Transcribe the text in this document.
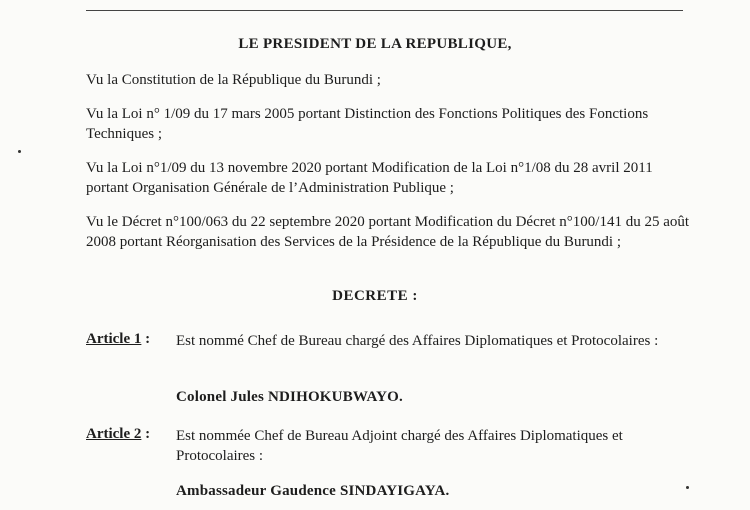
LE PRESIDENT DE LA REPUBLIQUE,
Vu la Constitution de la République du Burundi ;
Vu la Loi n° 1/09 du 17 mars 2005 portant Distinction des Fonctions Politiques des Fonctions Techniques ;
Vu la Loi n°1/09 du 13 novembre 2020 portant Modification de la Loi n°1/08 du 28 avril 2011 portant Organisation Générale de l’Administration Publique ;
Vu le Décret n°100/063 du 22 septembre 2020 portant Modification du Décret n°100/141 du 25 août 2008 portant Réorganisation des Services de la Présidence de la République du Burundi ;
DECRETE :
Article 1 : Est nommé Chef de Bureau chargé des Affaires Diplomatiques et Protocolaires :
Colonel Jules NDIHOKUBWAYO.
Article 2 : Est nommée Chef de Bureau Adjoint chargé des Affaires Diplomatiques et Protocolaires :
Ambassadeur Gaudence SINDAYIGAYA.
